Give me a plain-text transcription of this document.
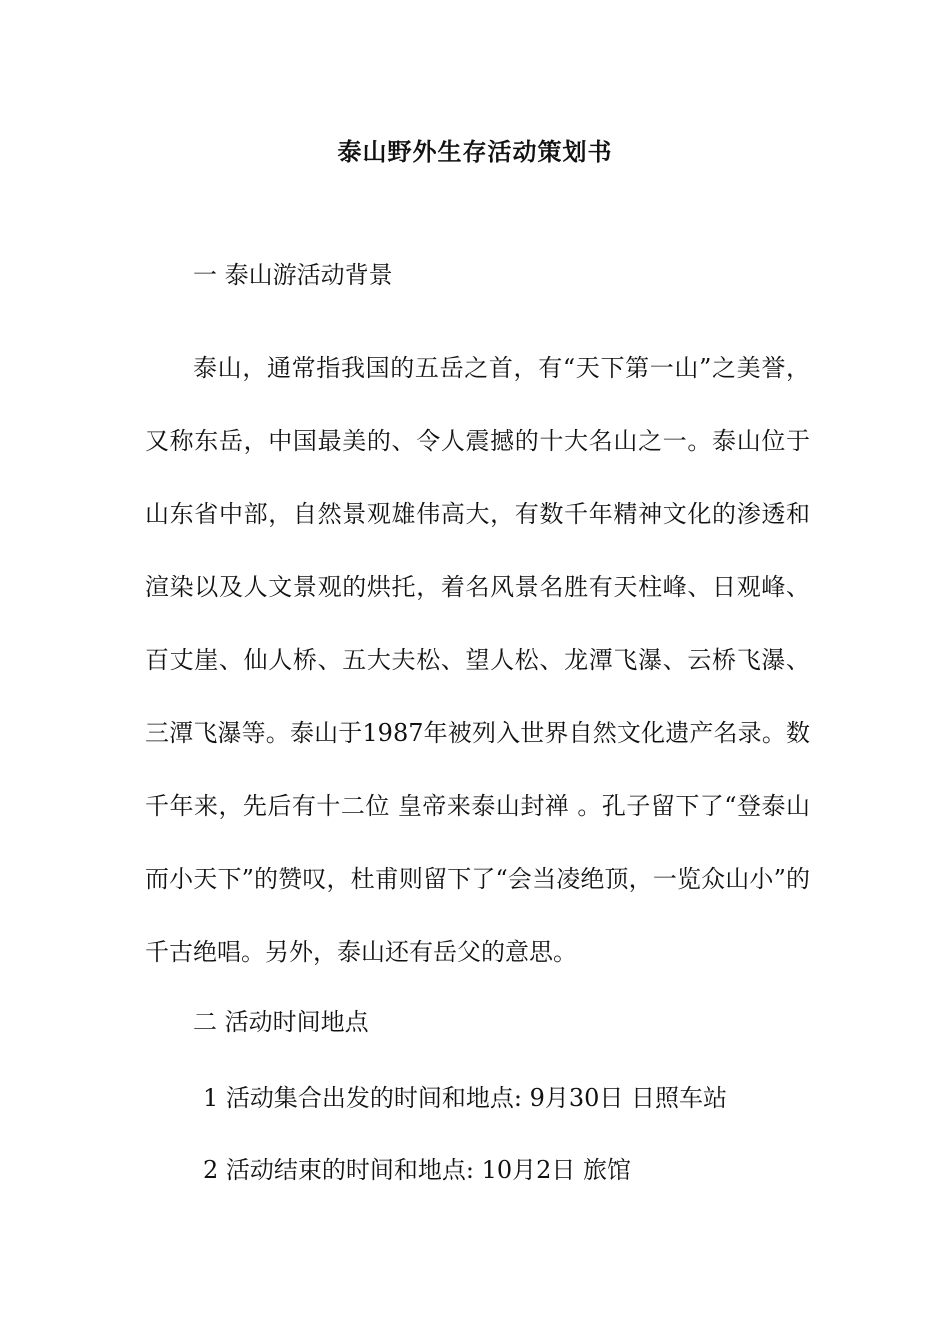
泰山野外生存活动策划书
一 泰山游活动背景
泰山，通常指我国的五岳之首，有“天下第一山”之美誉，又称东岳，中国最美的、令人震撼的十大名山之一。泰山位于山东省中部，自然景观雄伟高大，有数千年精神文化的渗透和渲染以及人文景观的烘托，着名风景名胜有天柱峰、日观峰、百丈崖、仙人桥、五大夫松、望人松、龙潭飞瀑、云桥飞瀑、三潭飞瀑等。泰山于1987年被列入世界自然文化遗产名录。数千年来，先后有十二位 皇帝来泰山封禅 。孔子留下了“登泰山而小天下”的赞叹，杜甫则留下了“会当凌绝顶，一览众山小”的千古绝唱。另外，泰山还有岳父的意思。
二 活动时间地点
1 活动集合出发的时间和地点: 9月30日 日照车站
2 活动结束的时间和地点: 10月2日 旅馆
